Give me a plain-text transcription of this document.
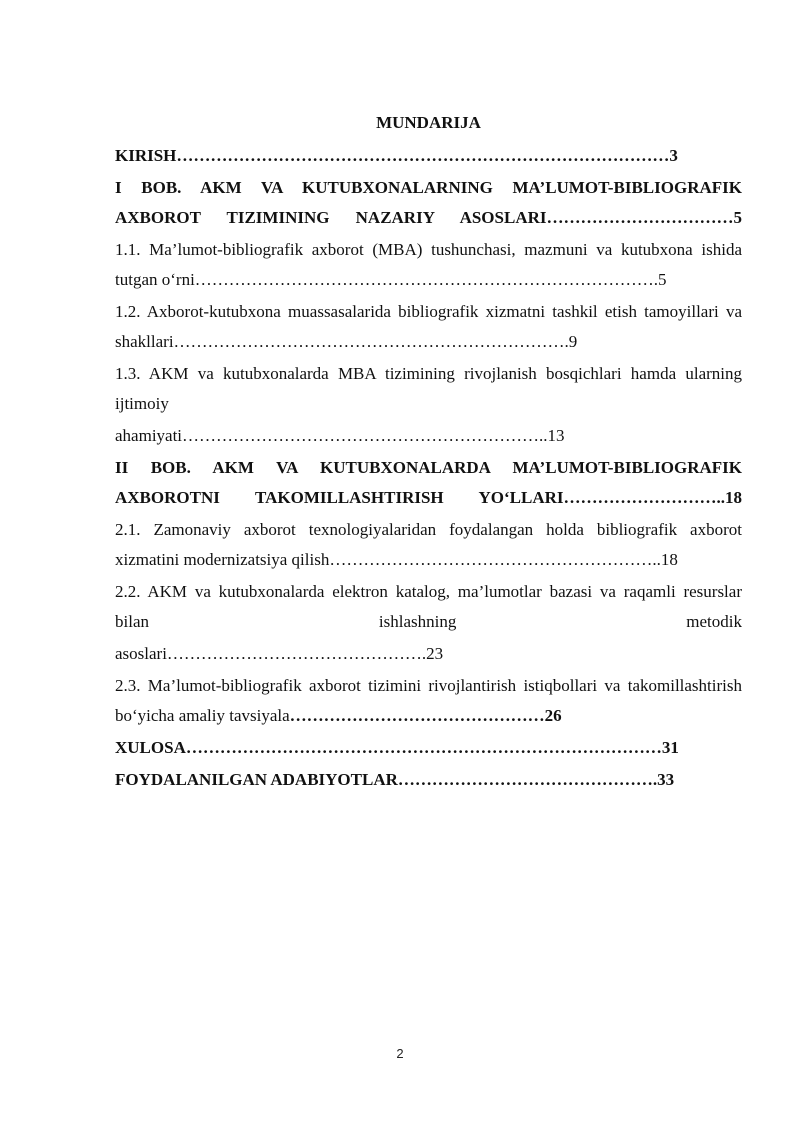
MUNDARIJA
KIRISH……………………………………………………………………………3
I BOB. AKM VA KUTUBXONALARNING MA’LUMOT-BIBLIOGRAFIK AXBOROT TIZIMINING NAZARIY ASOSLARI……………………………5
1.1. Ma’lumot-bibliografik axborot (MBA) tushunchasi, mazmuni va kutubxona ishida tutgan o‘rni……………………………………………………………………….5
1.2. Axborot-kutubxona muassasalarida bibliografik xizmatni tashkil etish tamoyillari va shakllari…………………………………………………………….9
1.3. AKM va kutubxonalarda MBA tizimining rivojlanish bosqichlari hamda ularning ijtimoiy
ahamiyati………………………………………………………..13
II BOB. AKM VA KUTUBXONALARDA MA’LUMOT-BIBLIOGRAFIK AXBOROTNI TAKOMILLASHTIRISH YO‘LLARI………………………..18
2.1. Zamonaviy axborot texnologiyalaridan foydalangan holda bibliografik axborot xizmatini modernizatsiya qilish…………………………………………………..18
2.2. AKM va kutubxonalarda elektron katalog, ma’lumotlar bazasi va raqamli resurslar bilan ishlashning metodik
asoslari……………………………………….23
2.3. Ma’lumot-bibliografik axborot tizimini rivojlantirish istiqbollari va takomillashtirish bo‘yicha amaliy tavsiyala………………………………………26
XULOSA…………………………………………………………………………31
FOYDALANILGAN ADABIYOTLAR……………………………………….33
2
